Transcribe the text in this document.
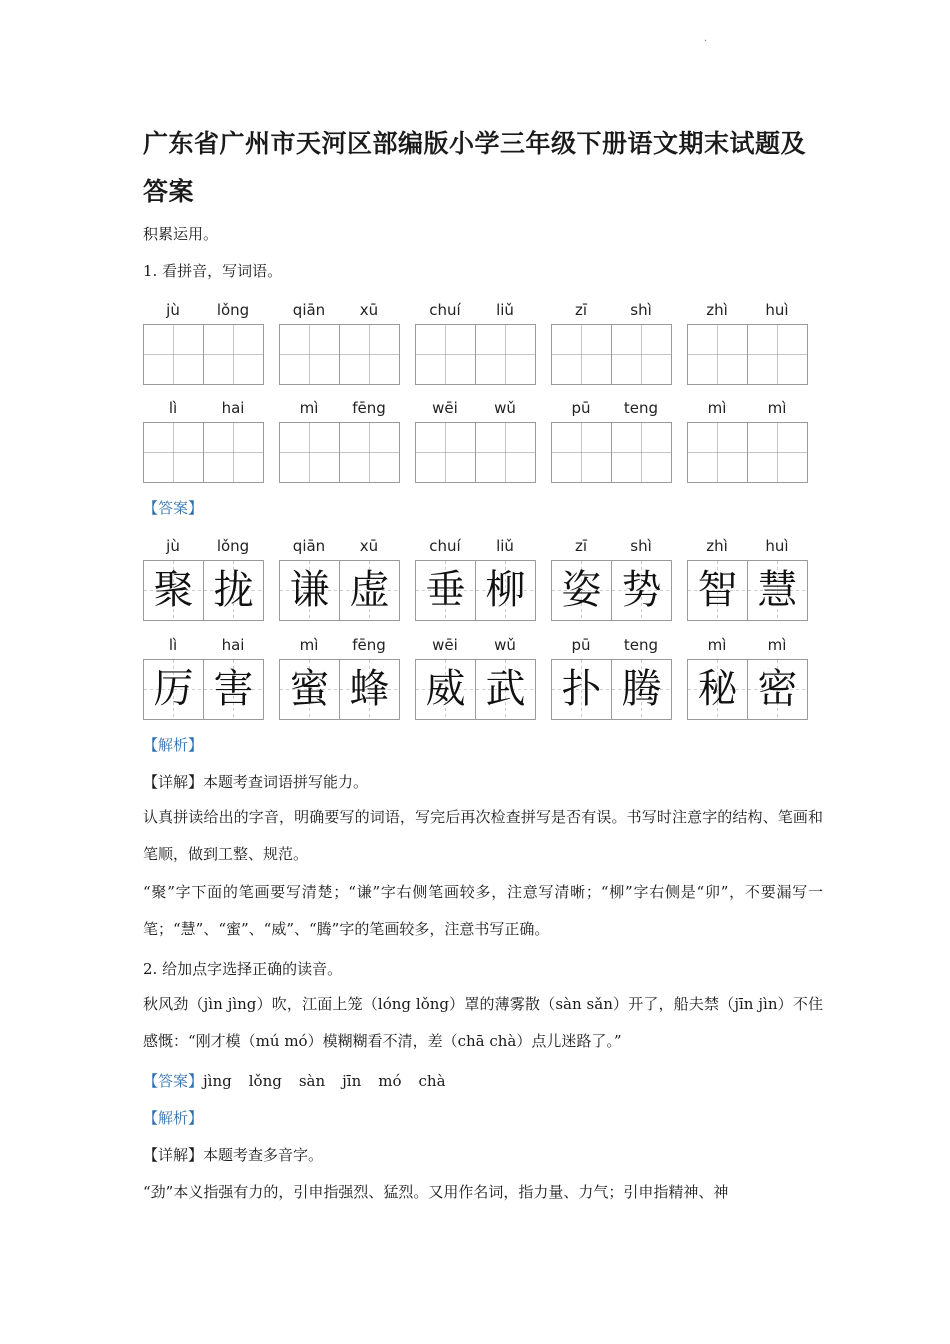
·
广东省广州市天河区部编版小学三年级下册语文期末试题及答案
积累运用。
1. 看拼音，写词语。
jù	lǒng	qiān	xū	chuí	liǔ	zī	shì	zhì	huì
lì	hai	mì	fēng	wēi	wǔ	pū	teng	mì	mì
【答案】
jù	lǒng
聚 拢
qiān	xū
谦 虚
chuí	liǔ
垂 柳
zī	shì
姿 势
zhì	huì
智 慧
lì	hai
厉 害
mì	fēng
蜜 蜂
wēi	wǔ
威 武
pū	teng
扑 腾
mì	mì
秘 密
【解析】
【详解】本题考查词语拼写能力。
认真拼读给出的字音，明确要写的词语，写完后再次检查拼写是否有误。书写时注意字的结构、笔画和笔顺，做到工整、规范。
“聚”字下面的笔画要写清楚；“谦”字右侧笔画较多，注意写清晰；“柳”字右侧是“卯”，不要漏写一笔；“慧”、“蜜”、“威”、“腾”字的笔画较多，注意书写正确。
2. 给加点字选择正确的读音。
秋风劲（jìn jìng）吹，江面上笼（lóng lǒng）罩的薄雾散（sàn sǎn）开了，船夫禁（jīn jìn）不住感慨：“刚才模（mú mó）模糊糊看不清，差（chā chà）点儿迷路了。”
【答案】jìng lǒng sàn jīn mó chà
【解析】
【详解】本题考查多音字。
“劲”本义指强有力的，引申指强烈、猛烈。又用作名词，指力量、力气；引申指精神、神
